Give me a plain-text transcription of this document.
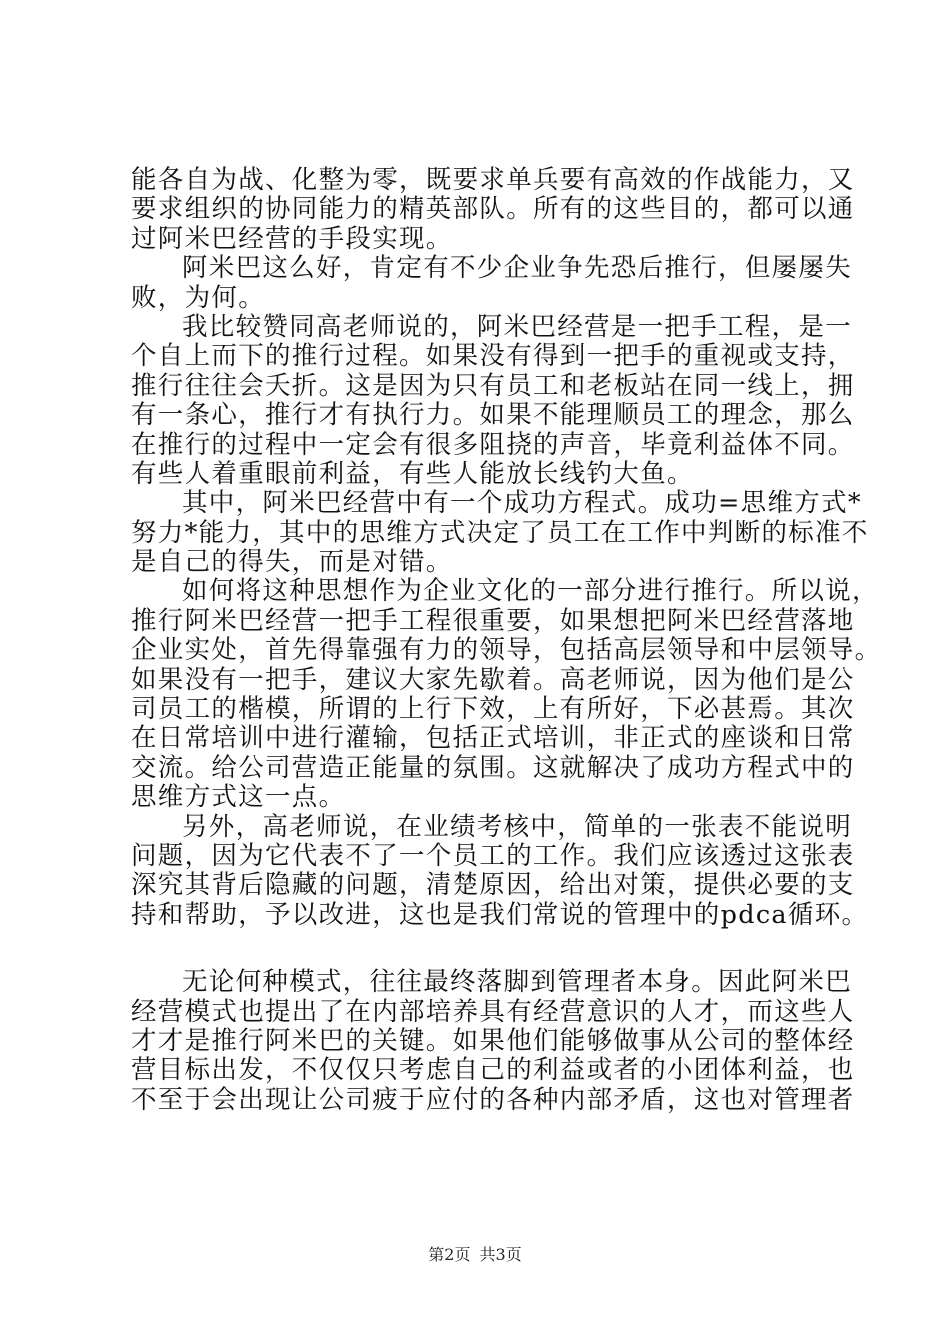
能各自为战、化整为零，既要求单兵要有高效的作战能力，又
要求组织的协同能力的精英部队。所有的这些目的，都可以通
过阿米巴经营的手段实现。
阿米巴这么好，肯定有不少企业争先恐后推行，但屡屡失
败，为何。
我比较赞同高老师说的，阿米巴经营是一把手工程，是一
个自上而下的推行过程。如果没有得到一把手的重视或支持，
推行往往会夭折。这是因为只有员工和老板站在同一线上，拥
有一条心，推行才有执行力。如果不能理顺员工的理念，那么
在推行的过程中一定会有很多阻挠的声音，毕竟利益体不同。
有些人着重眼前利益，有些人能放长线钓大鱼。
其中，阿米巴经营中有一个成功方程式。成功=思维方式*
努力*能力，其中的思维方式决定了员工在工作中判断的标准不
是自己的得失，而是对错。
如何将这种思想作为企业文化的一部分进行推行。所以说，
推行阿米巴经营一把手工程很重要，如果想把阿米巴经营落地
企业实处，首先得靠强有力的领导，包括高层领导和中层领导。
如果没有一把手，建议大家先歇着。高老师说，因为他们是公
司员工的楷模，所谓的上行下效，上有所好，下必甚焉。其次
在日常培训中进行灌输，包括正式培训，非正式的座谈和日常
交流。给公司营造正能量的氛围。这就解决了成功方程式中的
思维方式这一点。
另外，高老师说，在业绩考核中，简单的一张表不能说明
问题，因为它代表不了一个员工的工作。我们应该透过这张表
深究其背后隐藏的问题，清楚原因，给出对策，提供必要的支
持和帮助，予以改进，这也是我们常说的管理中的pdca循环。
无论何种模式，往往最终落脚到管理者本身。因此阿米巴
经营模式也提出了在内部培养具有经营意识的人才，而这些人
才才是推行阿米巴的关键。如果他们能够做事从公司的整体经
营目标出发，不仅仅只考虑自己的利益或者的小团体利益，也
不至于会出现让公司疲于应付的各种内部矛盾，这也对管理者
第2页 共3页
